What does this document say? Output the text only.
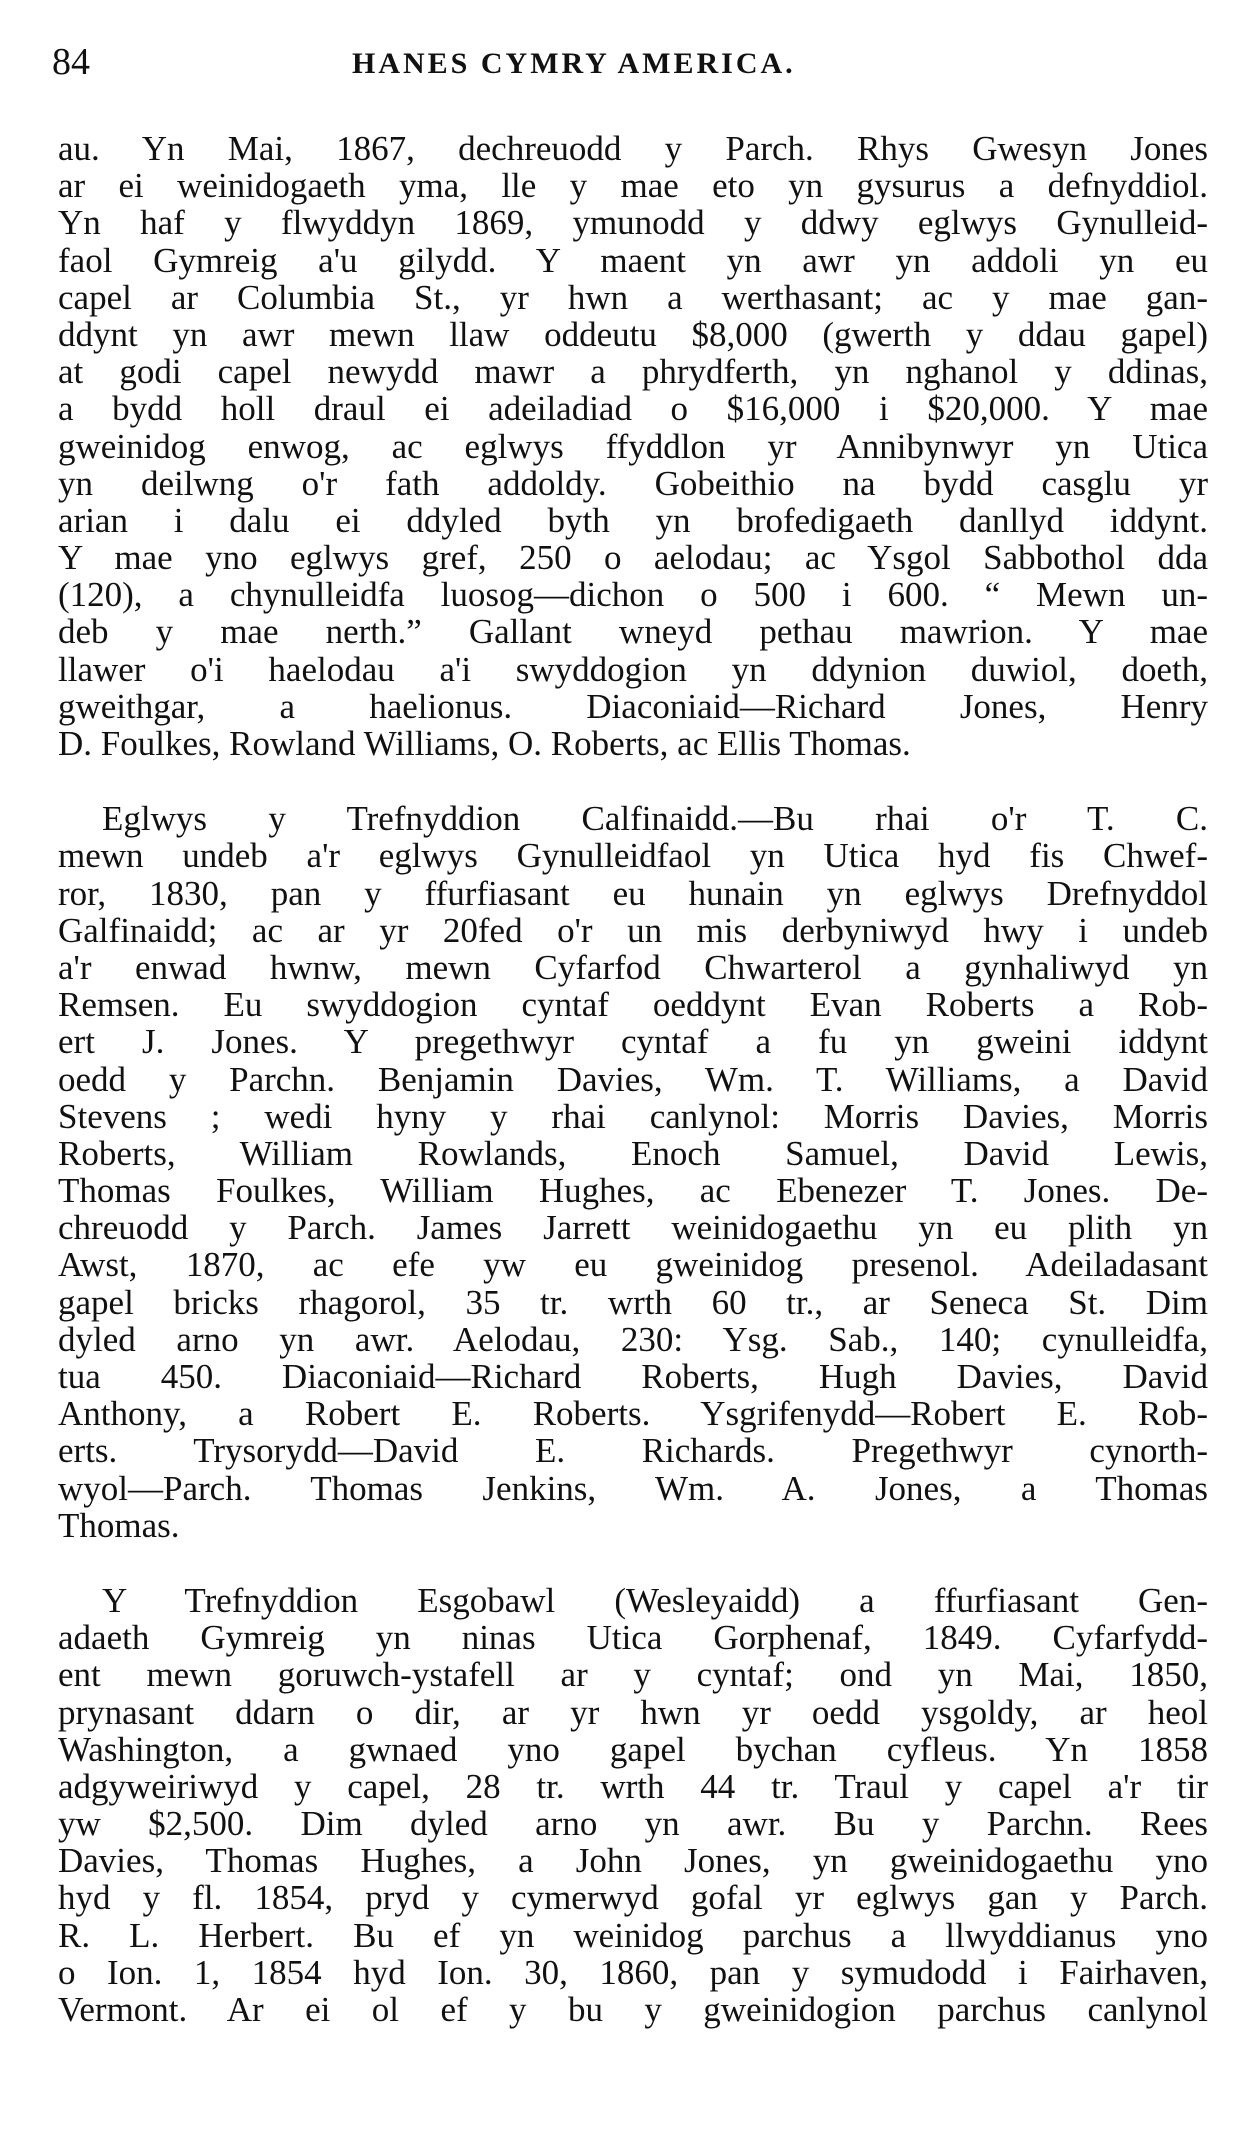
84	HANES CYMRY AMERICA.
au. Yn Mai, 1867, dechreuodd y Parch. Rhys Gwesyn Jones
ar ei weinidogaeth yma, lle y mae eto yn gysurus a defnyddiol.
Yn haf y flwyddyn 1869, ymunodd y ddwy eglwys Gynulleid-
faol Gymreig a'u gilydd. Y maent yn awr yn addoli yn eu
capel ar Columbia St., yr hwn a werthasant; ac y mae gan-
ddynt yn awr mewn llaw oddeutu $8,000 (gwerth y ddau gapel)
at godi capel newydd mawr a phrydferth, yn nghanol y ddinas,
a bydd holl draul ei adeiladiad o $16,000 i $20,000. Y mae
gweinidog enwog, ac eglwys ffyddlon yr Annibynwyr yn Utica
yn deilwng o'r fath addoldy. Gobeithio na bydd casglu yr
arian i dalu ei ddyled byth yn brofedigaeth danllyd iddynt.
Y mae yno eglwys gref, 250 o aelodau; ac Ysgol Sabbothol dda
(120), a chynulleidfa luosog—dichon o 500 i 600. “ Mewn un-
deb y mae nerth.” Gallant wneyd pethau mawrion. Y mae
llawer o'i haelodau a'i swyddogion yn ddynion duwiol, doeth,
gweithgar, a haelionus. Diaconiaid—Richard Jones, Henry
D. Foulkes, Rowland Williams, O. Roberts, ac Ellis Thomas.
Eglwys y Trefnyddion Calfinaidd.—Bu rhai o'r T. C.
mewn undeb a'r eglwys Gynulleidfaol yn Utica hyd fis Chwef-
ror, 1830, pan y ffurfiasant eu hunain yn eglwys Drefnyddol
Galfinaidd; ac ar yr 20fed o'r un mis derbyniwyd hwy i undeb
a'r enwad hwnw, mewn Cyfarfod Chwarterol a gynhaliwyd yn
Remsen. Eu swyddogion cyntaf oeddynt Evan Roberts a Rob-
ert J. Jones. Y pregethwyr cyntaf a fu yn gweini iddynt
oedd y Parchn. Benjamin Davies, Wm. T. Williams, a David
Stevens ; wedi hyny y rhai canlynol: Morris Davies, Morris
Roberts, William Rowlands, Enoch Samuel, David Lewis,
Thomas Foulkes, William Hughes, ac Ebenezer T. Jones. De-
chreuodd y Parch. James Jarrett weinidogaethu yn eu plith yn
Awst, 1870, ac efe yw eu gweinidog presenol. Adeiladasant
gapel bricks rhagorol, 35 tr. wrth 60 tr., ar Seneca St. Dim
dyled arno yn awr. Aelodau, 230: Ysg. Sab., 140; cynulleidfa,
tua 450. Diaconiaid—Richard Roberts, Hugh Davies, David
Anthony, a Robert E. Roberts. Ysgrifenydd—Robert E. Rob-
erts. Trysorydd—David E. Richards. Pregethwyr cynorth-
wyol—Parch. Thomas Jenkins, Wm. A. Jones, a Thomas
Thomas.
Y Trefnyddion Esgobawl (Wesleyaidd) a ffurfiasant Gen-
adaeth Gymreig yn ninas Utica Gorphenaf, 1849. Cyfarfydd-
ent mewn goruwch-ystafell ar y cyntaf; ond yn Mai, 1850,
prynasant ddarn o dir, ar yr hwn yr oedd ysgoldy, ar heol
Washington, a gwnaed yno gapel bychan cyfleus. Yn 1858
adgyweiriwyd y capel, 28 tr. wrth 44 tr. Traul y capel a'r tir
yw $2,500. Dim dyled arno yn awr. Bu y Parchn. Rees
Davies, Thomas Hughes, a John Jones, yn gweinidogaethu yno
hyd y fl. 1854, pryd y cymerwyd gofal yr eglwys gan y Parch.
R. L. Herbert. Bu ef yn weinidog parchus a llwyddianus yno
o Ion. 1, 1854 hyd Ion. 30, 1860, pan y symudodd i Fairhaven,
Vermont. Ar ei ol ef y bu y gweinidogion parchus canlynol
